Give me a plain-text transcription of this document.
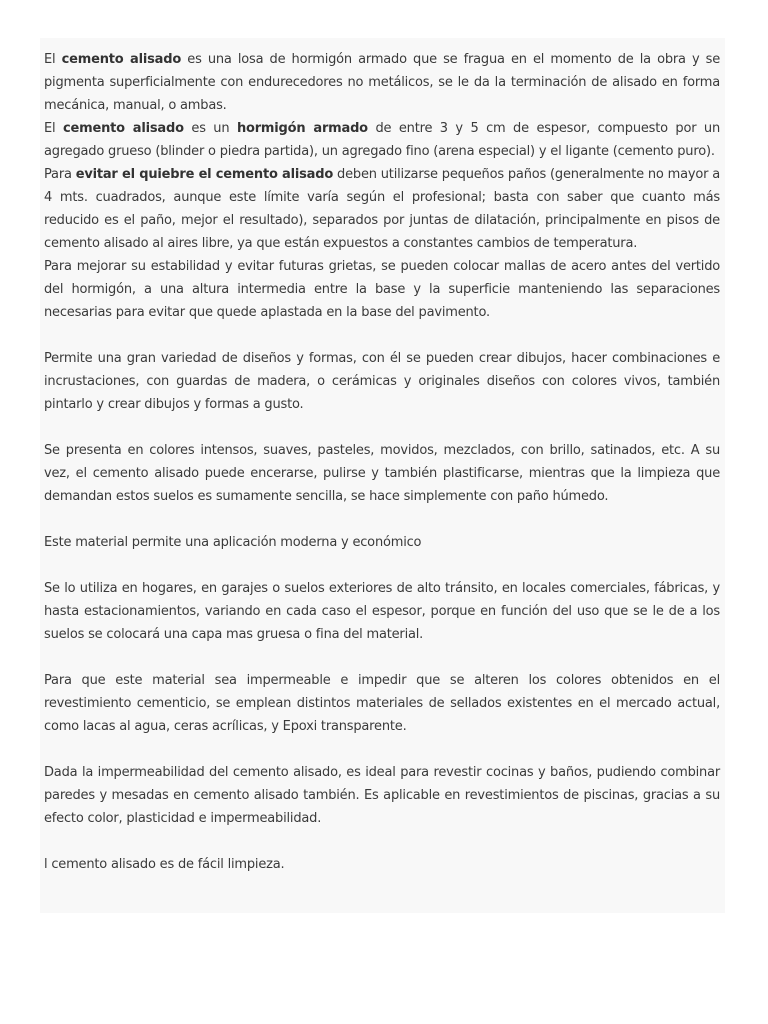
El cemento alisado es una losa de hormigón armado que se fragua en el momento de la obra y se pigmenta superficialmente con endurecedores no metálicos, se le da la terminación de alisado en forma mecánica, manual, o ambas.

El cemento alisado es un hormigón armado de entre 3 y 5 cm de espesor, compuesto por un agregado grueso (blinder o piedra partida), un agregado fino (arena especial) y el ligante (cemento puro).

Para evitar el quiebre el cemento alisado deben utilizarse pequeños paños (generalmente no mayor a 4 mts. cuadrados, aunque este límite varía según el profesional; basta con saber que cuanto más reducido es el paño, mejor el resultado), separados por juntas de dilatación, principalmente en pisos de cemento alisado al aires libre, ya que están expuestos a constantes cambios de temperatura.

Para mejorar su estabilidad y evitar futuras grietas, se pueden colocar mallas de acero antes del vertido del hormigón, a una altura intermedia entre la base y la superficie manteniendo las separaciones necesarias para evitar que quede aplastada en la base del pavimento.

Permite una gran variedad de diseños y formas, con él se pueden crear dibujos, hacer combinaciones e incrustaciones, con guardas de madera, o cerámicas y originales diseños con colores vivos, también pintarlo y crear dibujos y formas a gusto.

Se presenta en colores intensos, suaves, pasteles, movidos, mezclados, con brillo, satinados, etc. A su vez, el cemento alisado puede encerarse, pulirse y también plastificarse, mientras que la limpieza que demandan estos suelos es sumamente sencilla, se hace simplemente con paño húmedo.

Este material permite una aplicación moderna y económico

Se lo utiliza en hogares, en garajes o suelos exteriores de alto tránsito, en locales comerciales, fábricas, y hasta estacionamientos, variando en cada caso el espesor, porque en función del uso que se le de a los suelos se colocará una capa mas gruesa o fina del material.

Para que este material sea impermeable e impedir que se alteren los colores obtenidos en el revestimiento cementicio, se emplean distintos materiales de sellados existentes en el mercado actual, como lacas al agua, ceras acrílicas, y Epoxi transparente.

Dada la impermeabilidad del cemento alisado, es ideal para revestir cocinas y baños, pudiendo combinar paredes y mesadas en cemento alisado también. Es aplicable en revestimientos de piscinas, gracias a su efecto color, plasticidad e impermeabilidad.

l cemento alisado es de fácil limpieza.
